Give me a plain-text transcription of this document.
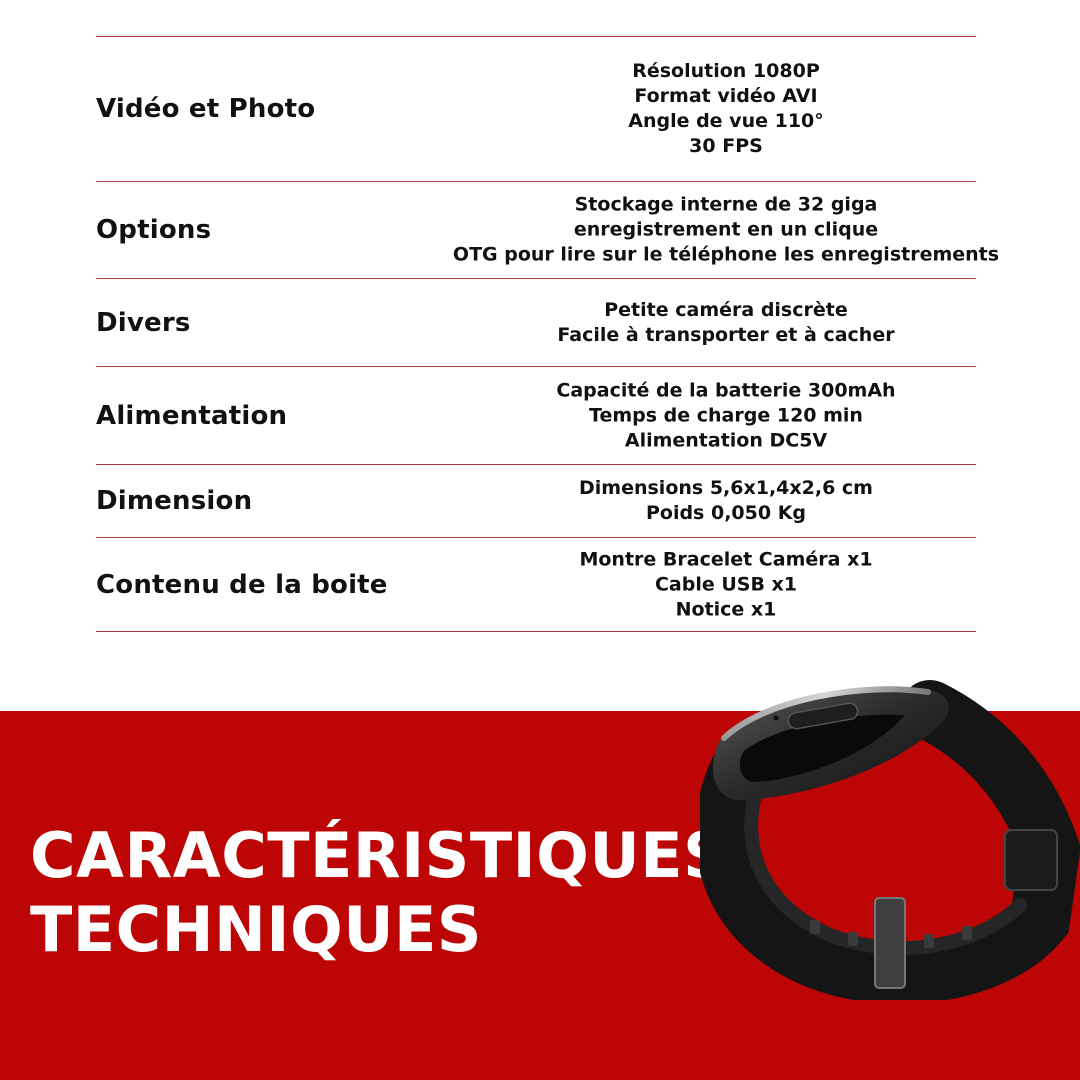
Vidéo et Photo
Résolution 1080P
Format vidéo AVI
Angle de vue 110°
30 FPS
Options
Stockage interne de 32 giga
enregistrement en un clique
OTG pour lire sur le téléphone les enregistrements
Divers	Petite caméra discrète
Facile à transporter et à cacher
Alimentation
Capacité de la batterie 300mAh
Temps de charge 120 min
Alimentation DC5V
Dimension	Dimensions 5,6x1,4x2,6 cm
Poids 0,050 Kg
Contenu de la boite
Montre Bracelet Caméra x1
Cable USB x1
Notice x1
CARACTÉRISTIQUES
TECHNIQUES
